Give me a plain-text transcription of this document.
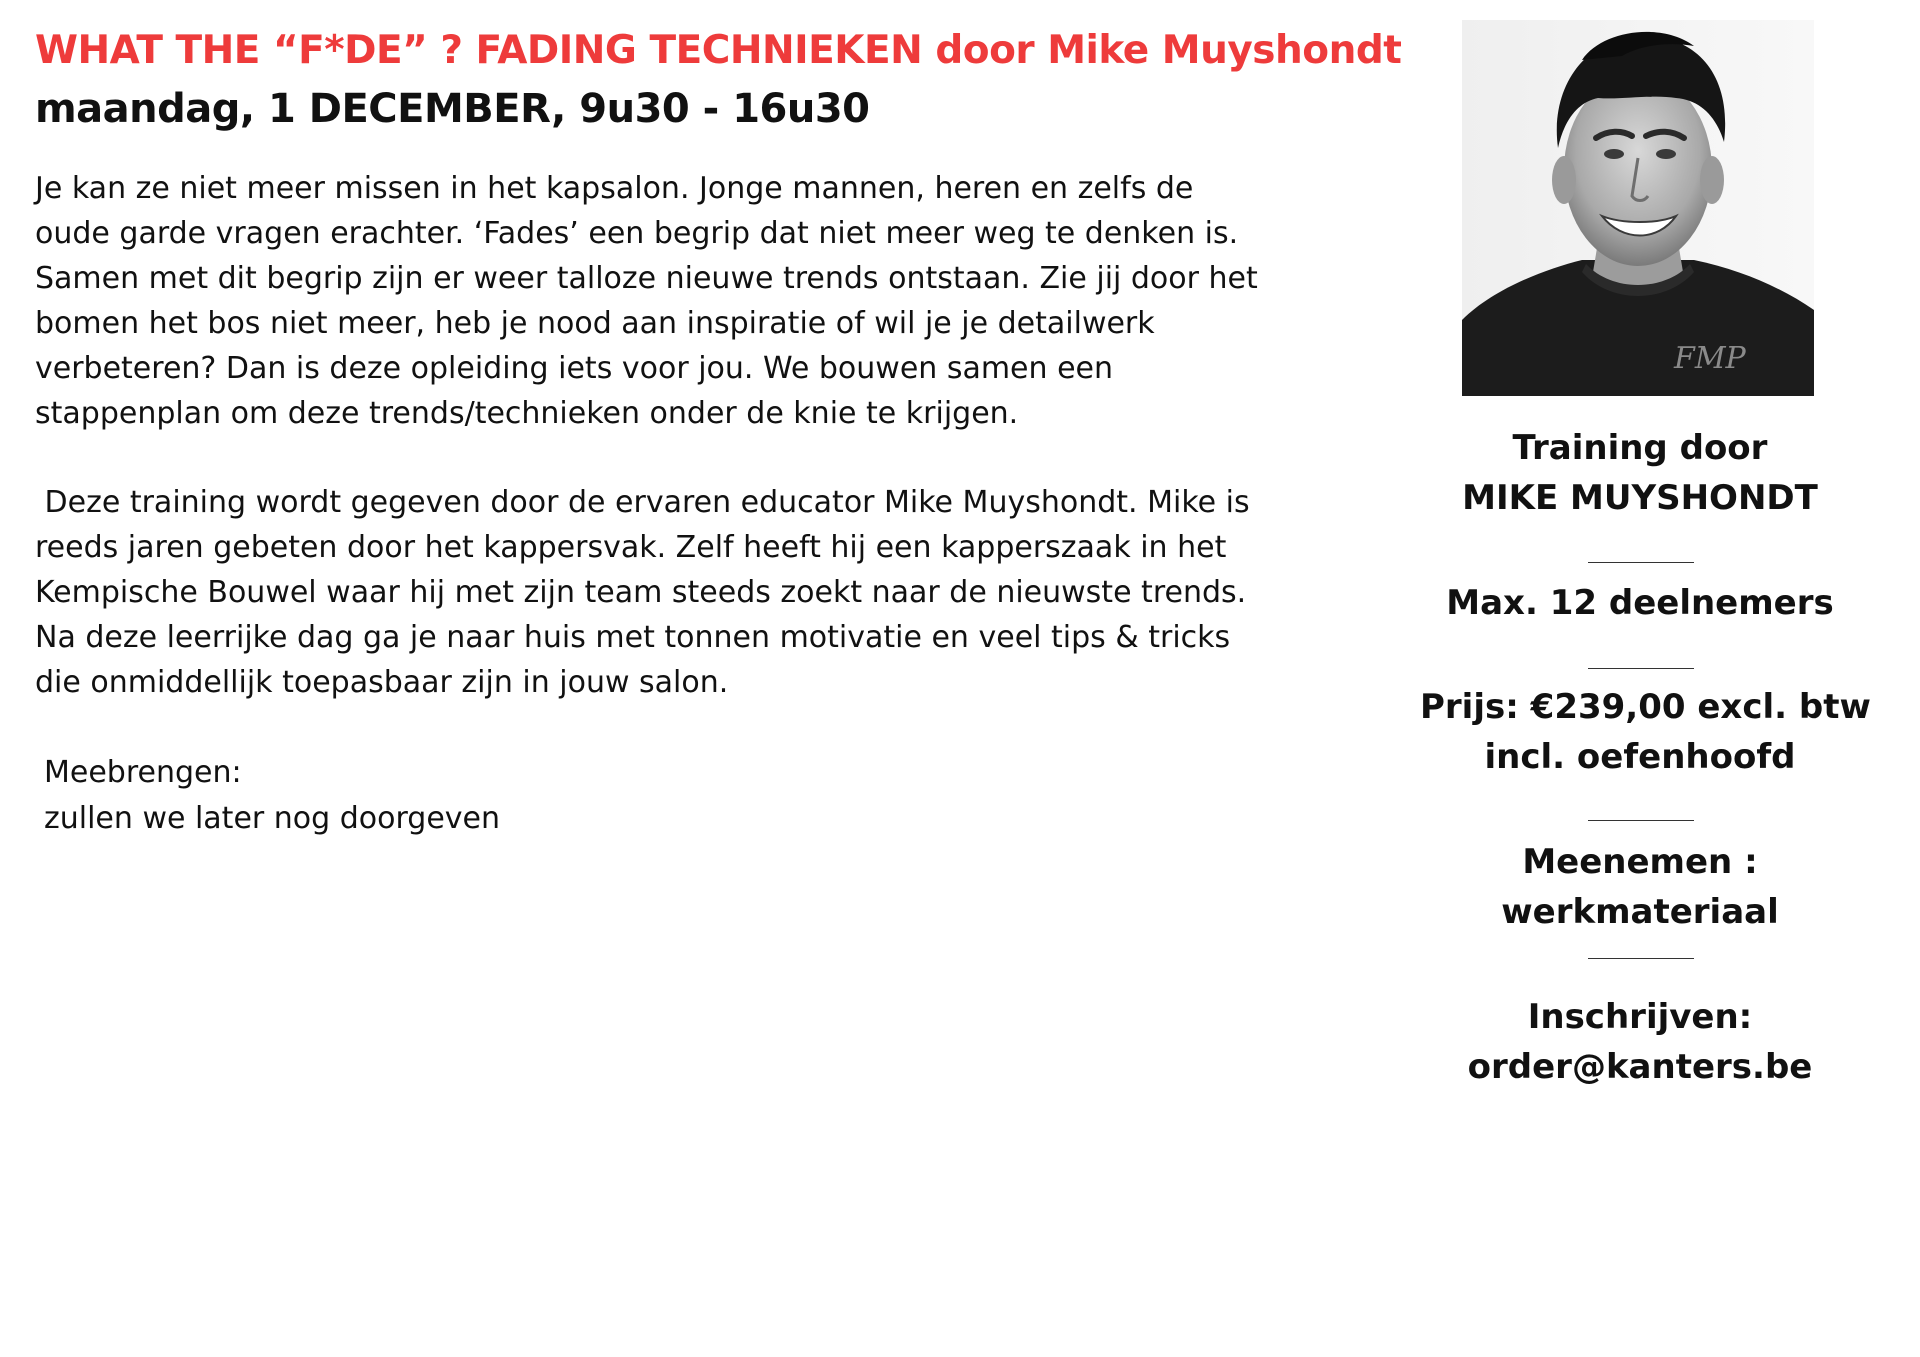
WHAT THE “F*DE” ? FADING TECHNIEKEN door Mike Muyshondt
maandag, 1 DECEMBER, 9u30 - 16u30

Je kan ze niet meer missen in het kapsalon. Jonge mannen, heren en zelfs de
oude garde vragen erachter. ‘Fades’ een begrip dat niet meer weg te denken is.
Samen met dit begrip zijn er weer talloze nieuwe trends ontstaan. Zie jij door het
bomen het bos niet meer, heb je nood aan inspiratie of wil je je detailwerk
verbeteren? Dan is deze opleiding iets voor jou. We bouwen samen een
stappenplan om deze trends/technieken onder de knie te krijgen.

Deze training wordt gegeven door de ervaren educator Mike Muyshondt. Mike is
reeds jaren gebeten door het kappersvak. Zelf heeft hij een kapperszaak in het
Kempische Bouwel waar hij met zijn team steeds zoekt naar de nieuwste trends.
Na deze leerrijke dag ga je naar huis met tonnen motivatie en veel tips & tricks
die onmiddellijk toepasbaar zijn in jouw salon.

Meebrengen:
zullen we later nog doorgeven
FMP
Training door
MIKE MUYSHONDT
Max. 12 deelnemers
Prijs: €239,00 excl. btw
incl. oefenhoofd
Meenemen :
werkmateriaal
Inschrijven:
order@kanters.be
